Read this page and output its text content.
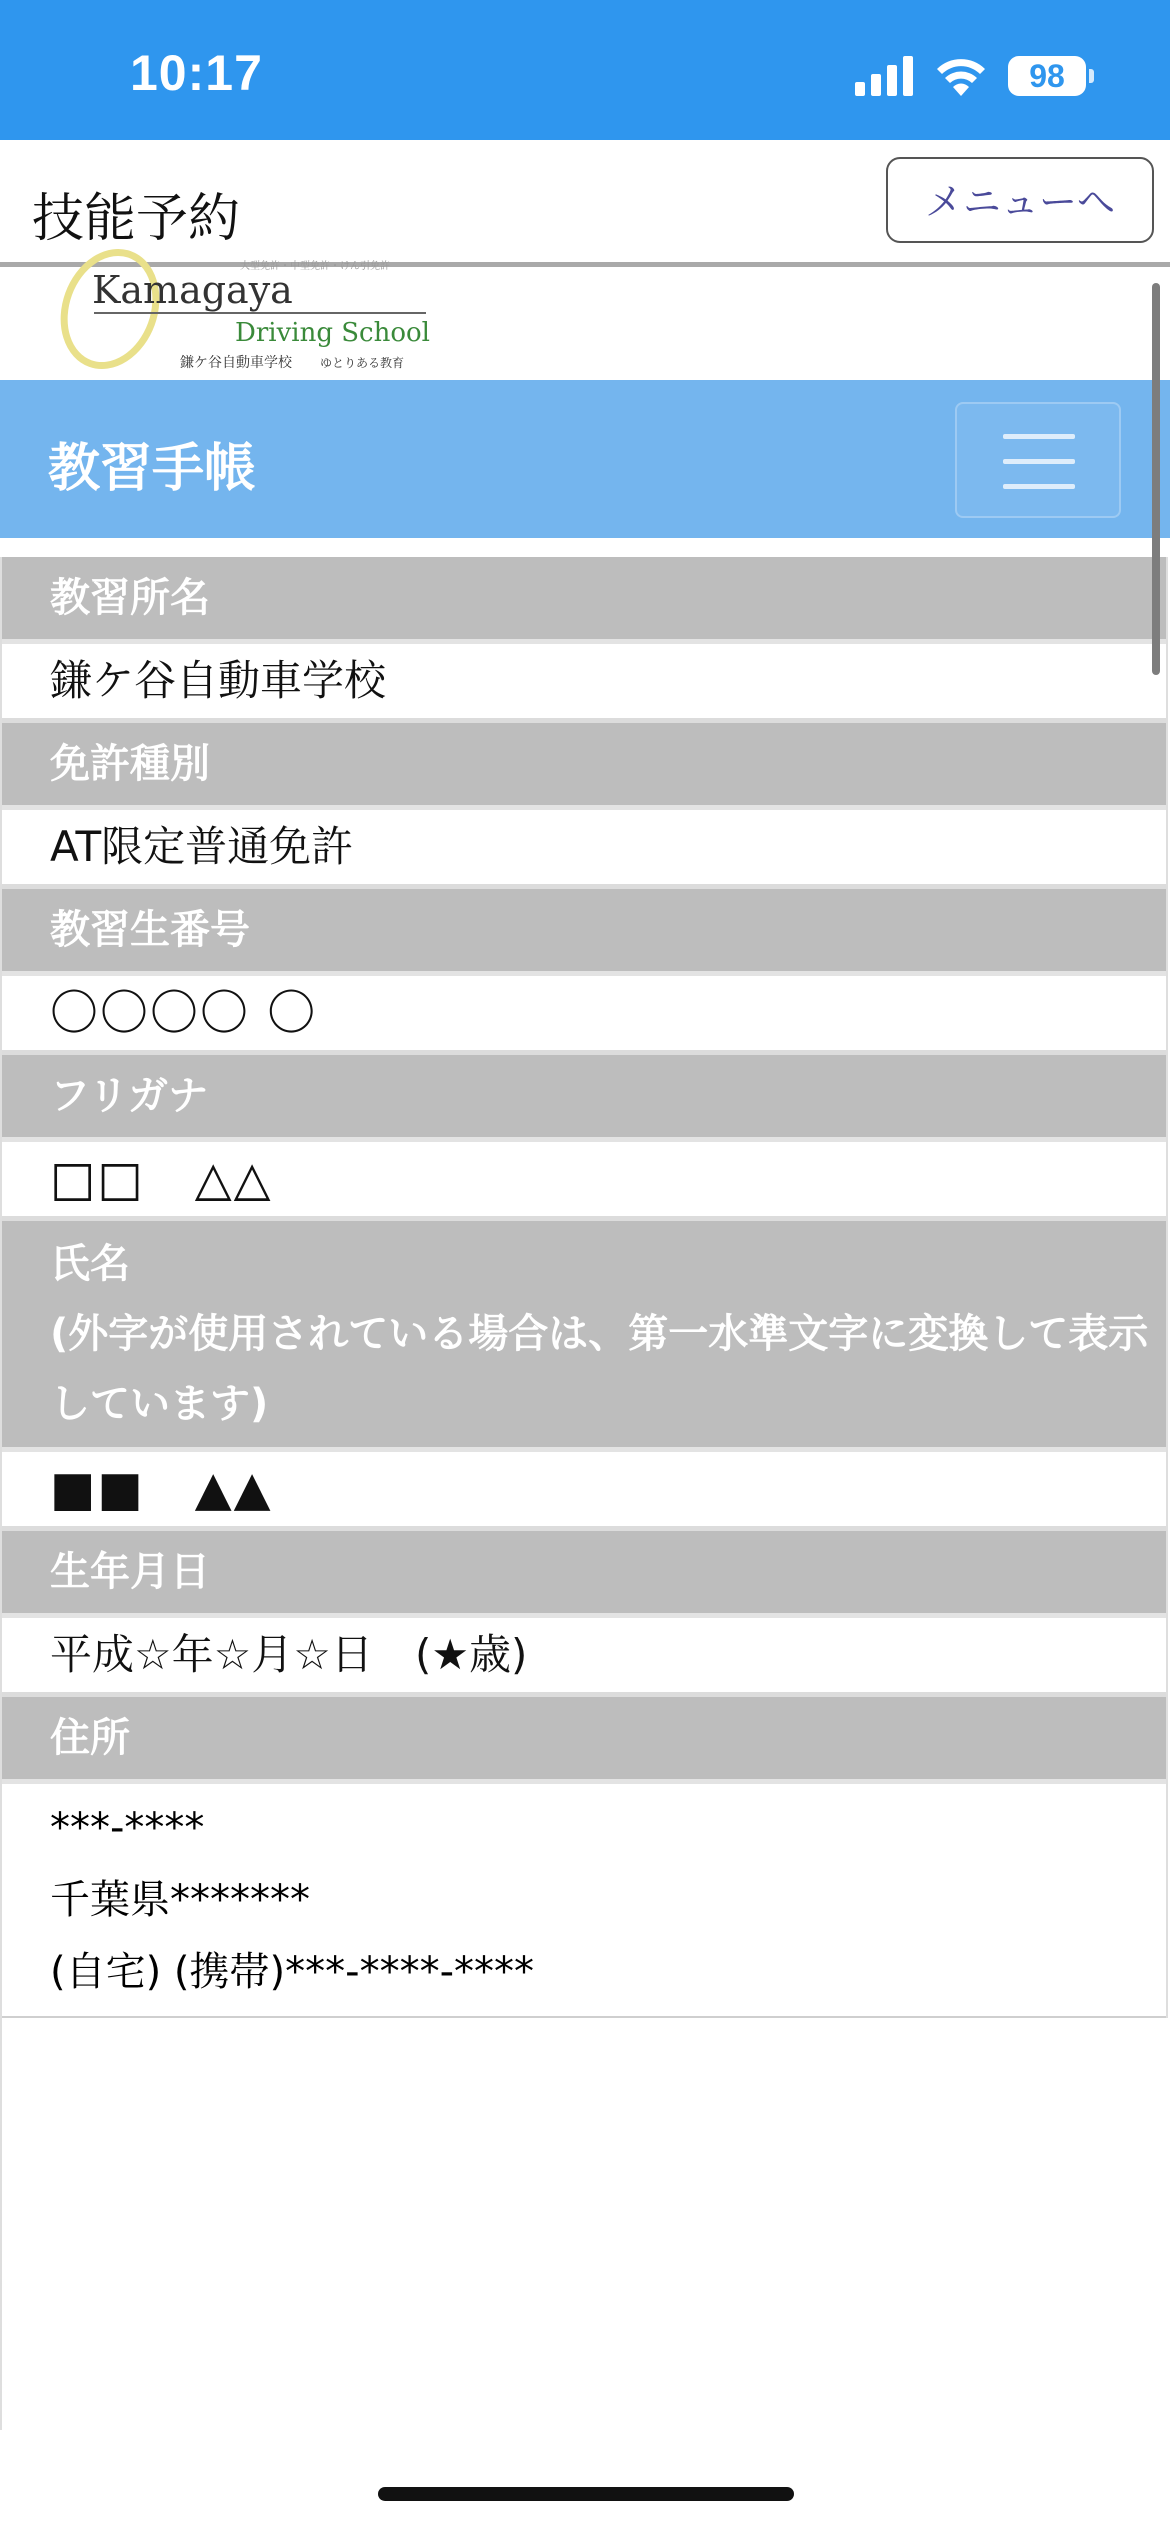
10:17	98
技能予約	メニューへ
大型免許・中型免許・けん引免許
Kamagaya
Driving School
鎌ケ谷自動車学校 ゆとりある教育
教習手帳
教習所名
鎌ケ谷自動車学校
免許種別
AT限定普通免許
教習生番号
〇〇〇〇 〇
フリガナ
□□　△△
氏名
(外字が使用されている場合は、第一水準文字に変換して表示しています)
■■　▲▲
生年月日
平成☆年☆月☆日　(★歳)
住所
***-****
千葉県*******
(自宅) (携帯)***-****-****
